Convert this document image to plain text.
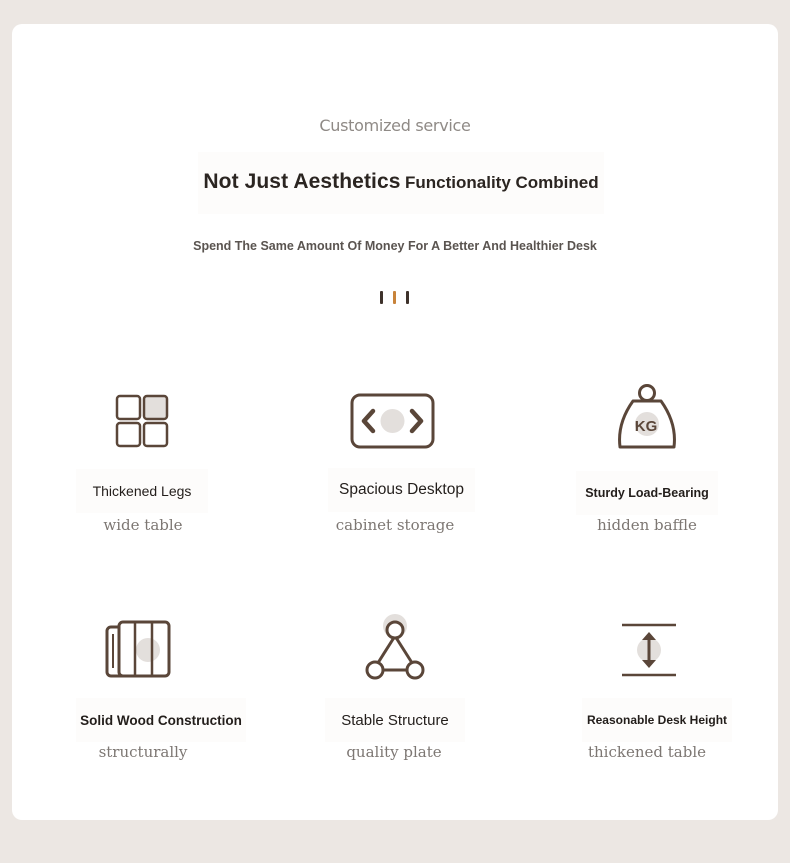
Customized service
Not Just Aesthetics Functionality Combined
Spend The Same Amount Of Money For A Better And Healthier Desk
Thickened Legs
wide table
Spacious Desktop
cabinet storage
KG
Sturdy Load-Bearing
hidden baffle
Solid Wood Construction
structurally
Stable Structure
quality plate
Reasonable Desk Height
thickened table
